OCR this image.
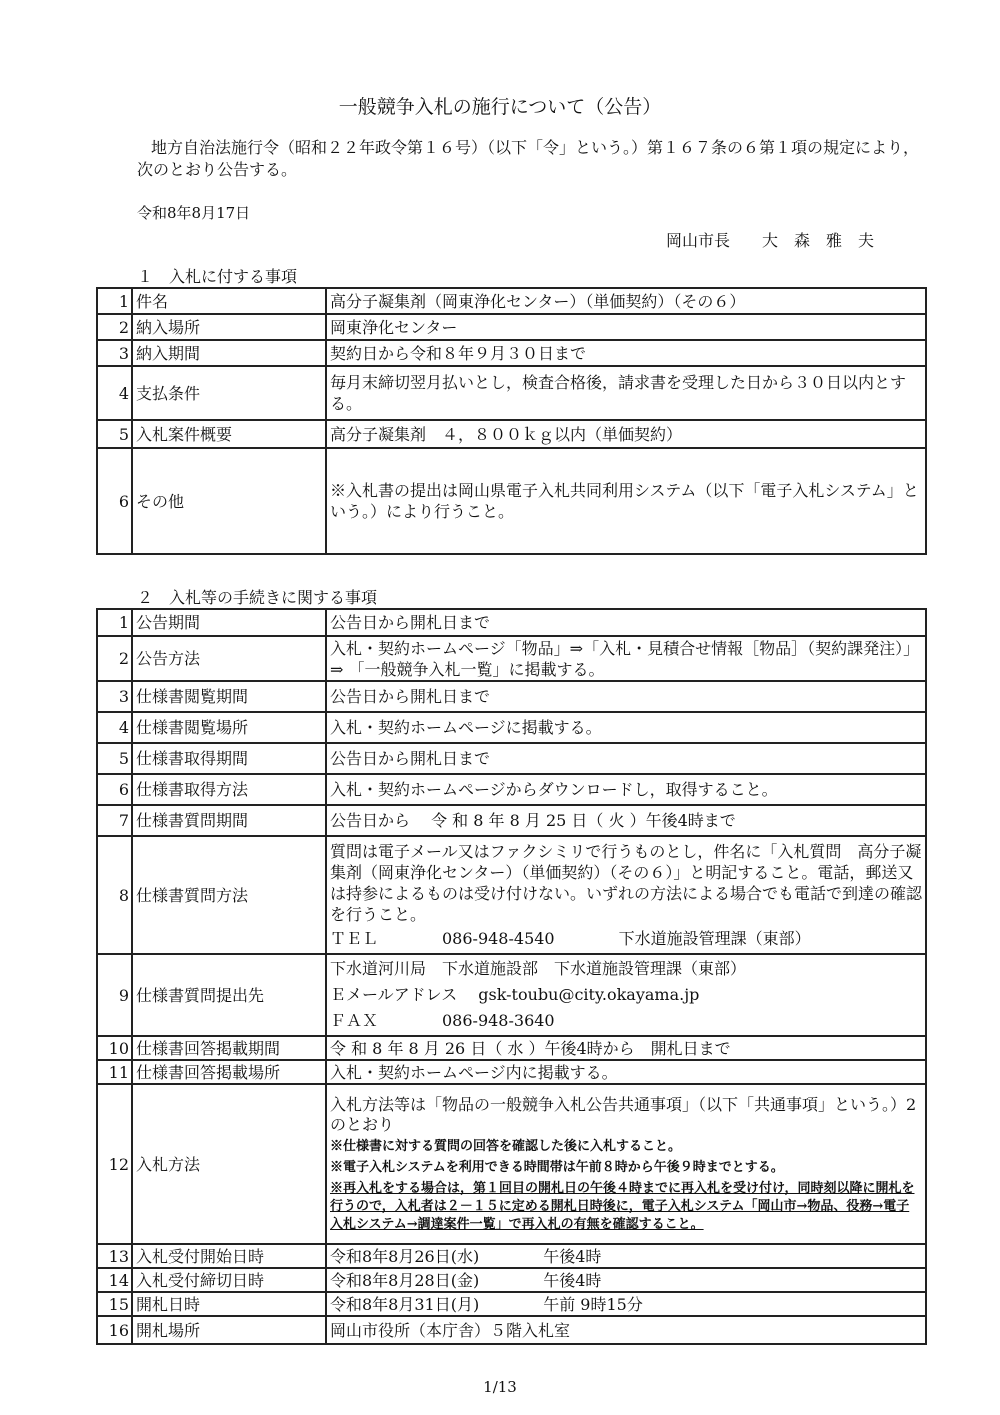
一般競争入札の施行について（公告）
地方自治法施行令（昭和２２年政令第１６号）（以下「令」という。）第１６７条の６第１項の規定により，次のとおり公告する。
令和8年8月17日
岡山市長　　大　森　雅　夫
１　入札に付する事項
1	件名	高分子凝集剤（岡東浄化センター）（単価契約）（その６）
2	納入場所	岡東浄化センター
3	納入期間	契約日から令和８年９月３０日まで
4	支払条件	毎月末締切翌月払いとし，検査合格後，請求書を受理した日から３０日以内とする。
5	入札案件概要	高分子凝集剤　４，８００ｋｇ以内（単価契約）
6	その他	※入札書の提出は岡山県電子入札共同利用システム（以下「電子入札システム」という。）により行うこと。
２　入札等の手続きに関する事項
1	公告期間	公告日から開札日まで
2	公告方法	入札・契約ホームページ「物品」⇒「入札・見積合せ情報［物品］（契約課発注）」⇒ 「一般競争入札一覧」に掲載する。
3	仕様書閲覧期間	公告日から開札日まで
4	仕様書閲覧場所	入札・契約ホームページに掲載する。
5	仕様書取得期間	公告日から開札日まで
6	仕様書取得方法	入札・契約ホームページからダウンロードし，取得すること。
7	仕様書質問期間	公告日から　 令 和 8 年 8 月 25 日（ 火 ）午後4時まで
8	仕様書質問方法	質問は電子メール又はファクシミリで行うものとし，件名に「入札質問　高分子凝集剤（岡東浄化センター）（単価契約）（その６）」と明記すること。電話，郵送又は持参によるものは受け付けない。いずれの方法による場合でも電話で到達の確認を行うこと。
ＴＥＬ　　　　086-948-4540　　　　下水道施設管理課（東部）

9	仕様書質問提出先	下水道河川局　下水道施設部　下水道施設管理課（東部）
Ｅメールアドレス　 gsk-toubu@city.okayama.jp
ＦＡＸ　　　　086-948-3640

10	仕様書回答掲載期間	令 和 8 年 8 月 26 日（ 水 ）午後4時から　開札日まで
11	仕様書回答掲載場所	入札・契約ホームページ内に掲載する。
12	入札方法	入札方法等は「物品の一般競争入札公告共通事項」（以下「共通事項」という。）2のとおり
※仕様書に対する質問の回答を確認した後に入札すること。
※電子入札システムを利用できる時間帯は午前８時から午後９時までとする。
※再入札をする場合は，第１回目の開札日の午後４時までに再入札を受け付け，同時刻以降に開札を行うので，入札者は２－１５に定める開札日時後に，電子入札システム「岡山市→物品、役務→電子入札システム→調達案件一覧」で再入札の有無を確認すること。

13	入札受付開始日時	令和8年8月26日(水)　　　　午後4時
14	入札受付締切日時	令和8年8月28日(金)　　　　午後4時
15	開札日時	令和8年8月31日(月)　　　　午前 9時15分
16	開札場所	岡山市役所（本庁舎）５階入札室
1/13
